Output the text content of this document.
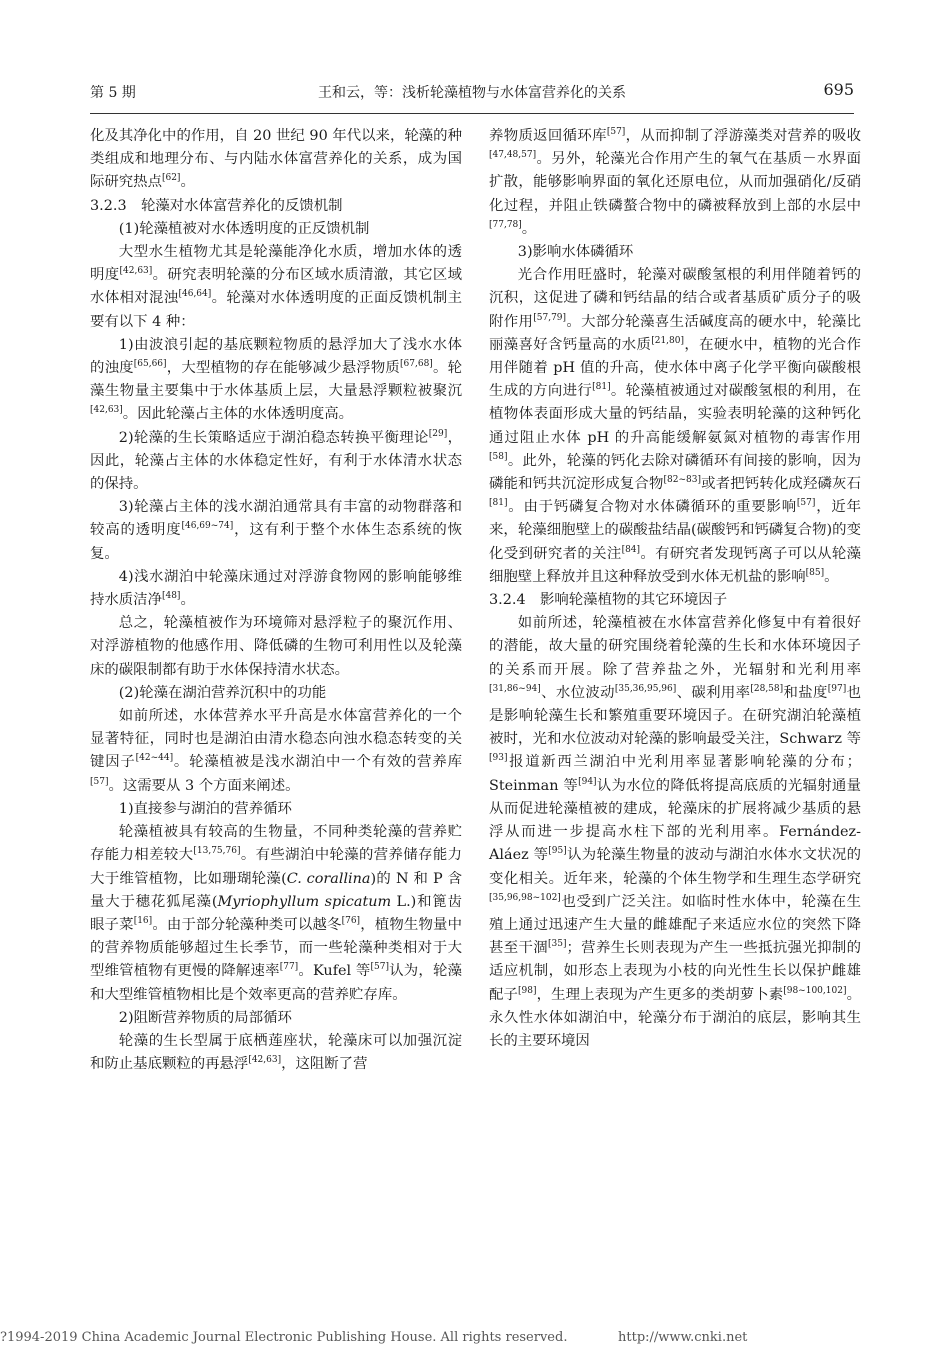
第 5 期	王和云，等：浅析轮藻植物与水体富营养化的关系	695

化及其净化中的作用，自 20 世纪 90 年代以来，轮藻的种类组成和地理分布、与内陆水体富营养化的关系，成为国际研究热点[62]。

3.2.3　轮藻对水体富营养化的反馈机制

(1)轮藻植被对水体透明度的正反馈机制

大型水生植物尤其是轮藻能净化水质，增加水体的透明度[42,63]。研究表明轮藻的分布区域水质清澈，其它区域水体相对混浊[46,64]。轮藻对水体透明度的正面反馈机制主要有以下 4 种：

1)由波浪引起的基底颗粒物质的悬浮加大了浅水水体的浊度[65,66]，大型植物的存在能够减少悬浮物质[67,68]。轮藻生物量主要集中于水体基质上层，大量悬浮颗粒被聚沉[42,63]。因此轮藻占主体的水体透明度高。

2)轮藻的生长策略适应于湖泊稳态转换平衡理论[29]，因此，轮藻占主体的水体稳定性好，有利于水体清水状态的保持。

3)轮藻占主体的浅水湖泊通常具有丰富的动物群落和较高的透明度[46,69~74]，这有利于整个水体生态系统的恢复。

4)浅水湖泊中轮藻床通过对浮游食物网的影响能够维持水质洁净[48]。

总之，轮藻植被作为环境筛对悬浮粒子的聚沉作用、对浮游植物的他感作用、降低磷的生物可利用性以及轮藻床的碳限制都有助于水体保持清水状态。

(2)轮藻在湖泊营养沉积中的功能

如前所述，水体营养水平升高是水体富营养化的一个显著特征，同时也是湖泊由清水稳态向浊水稳态转变的关键因子[42~44]。轮藻植被是浅水湖泊中一个有效的营养库[57]。这需要从 3 个方面来阐述。

1)直接参与湖泊的营养循环

轮藻植被具有较高的生物量，不同种类轮藻的营养贮存能力相差较大[13,75,76]。有些湖泊中轮藻的营养储存能力大于维管植物，比如珊瑚轮藻(C. corallina)的 N 和 P 含量大于穗花狐尾藻(Myriophyllum spicatum L.)和篦齿眼子菜[16]。由于部分轮藻种类可以越冬[76]，植物生物量中的营养物质能够超过生长季节，而一些轮藻种类相对于大型维管植物有更慢的降解速率[77]。Kufel 等[57]认为，轮藻和大型维管植物相比是个效率更高的营养贮存库。

2)阻断营养物质的局部循环

轮藻的生长型属于底栖莲座状，轮藻床可以加强沉淀和防止基底颗粒的再悬浮[42,63]，这阻断了营

养物质返回循环库[57]，从而抑制了浮游藻类对营养的吸收[47,48,57]。另外，轮藻光合作用产生的氧气在基质－水界面扩散，能够影响界面的氧化还原电位，从而加强硝化/反硝化过程，并阻止铁磷螯合物中的磷被释放到上部的水层中[77,78]。

3)影响水体磷循环

光合作用旺盛时，轮藻对碳酸氢根的利用伴随着钙的沉积，这促进了磷和钙结晶的结合或者基质矿质分子的吸附作用[57,79]。大部分轮藻喜生活碱度高的硬水中，轮藻比丽藻喜好含钙量高的水质[21,80]，在硬水中，植物的光合作用伴随着 pH 值的升高，使水体中离子化学平衡向碳酸根生成的方向进行[81]。轮藻植被通过对碳酸氢根的利用，在植物体表面形成大量的钙结晶，实验表明轮藻的这种钙化通过阻止水体 pH 的升高能缓解氨氮对植物的毒害作用[58]。此外，轮藻的钙化去除对磷循环有间接的影响，因为磷能和钙共沉淀形成复合物[82~83]或者把钙转化成羟磷灰石[81]。由于钙磷复合物对水体磷循环的重要影响[57]，近年来，轮藻细胞壁上的碳酸盐结晶(碳酸钙和钙磷复合物)的变化受到研究者的关注[84]。有研究者发现钙离子可以从轮藻细胞壁上释放并且这种释放受到水体无机盐的影响[85]。

3.2.4　影响轮藻植物的其它环境因子

如前所述，轮藻植被在水体富营养化修复中有着很好的潜能，故大量的研究围绕着轮藻的生长和水体环境因子的关系而开展。除了营养盐之外，光辐射和光利用率[31,86~94]、水位波动[35,36,95,96]、碳利用率[28,58]和盐度[97]也是影响轮藻生长和繁殖重要环境因子。在研究湖泊轮藻植被时，光和水位波动对轮藻的影响最受关注，Schwarz 等[93]报道新西兰湖泊中光利用率显著影响轮藻的分布；Steinman 等[94]认为水位的降低将提高底质的光辐射通量从而促进轮藻植被的建成，轮藻床的扩展将减少基质的悬浮从而进一步提高水柱下部的光利用率。Fernández-Aláez 等[95]认为轮藻生物量的波动与湖泊水体水文状况的变化相关。近年来，轮藻的个体生物学和生理生态学研究[35,96,98~102]也受到广泛关注。如临时性水体中，轮藻在生殖上通过迅速产生大量的雌雄配子来适应水位的突然下降甚至干涸[35]；营养生长则表现为产生一些抵抗强光抑制的适应机制，如形态上表现为小枝的向光性生长以保护雌雄配子[98]，生理上表现为产生更多的类胡萝卜素[98~100,102]。永久性水体如湖泊中，轮藻分布于湖泊的底层，影响其生长的主要环境因

?1994-2019 China Academic Journal Electronic Publishing House. All rights reserved.	http://www.cnki.net
